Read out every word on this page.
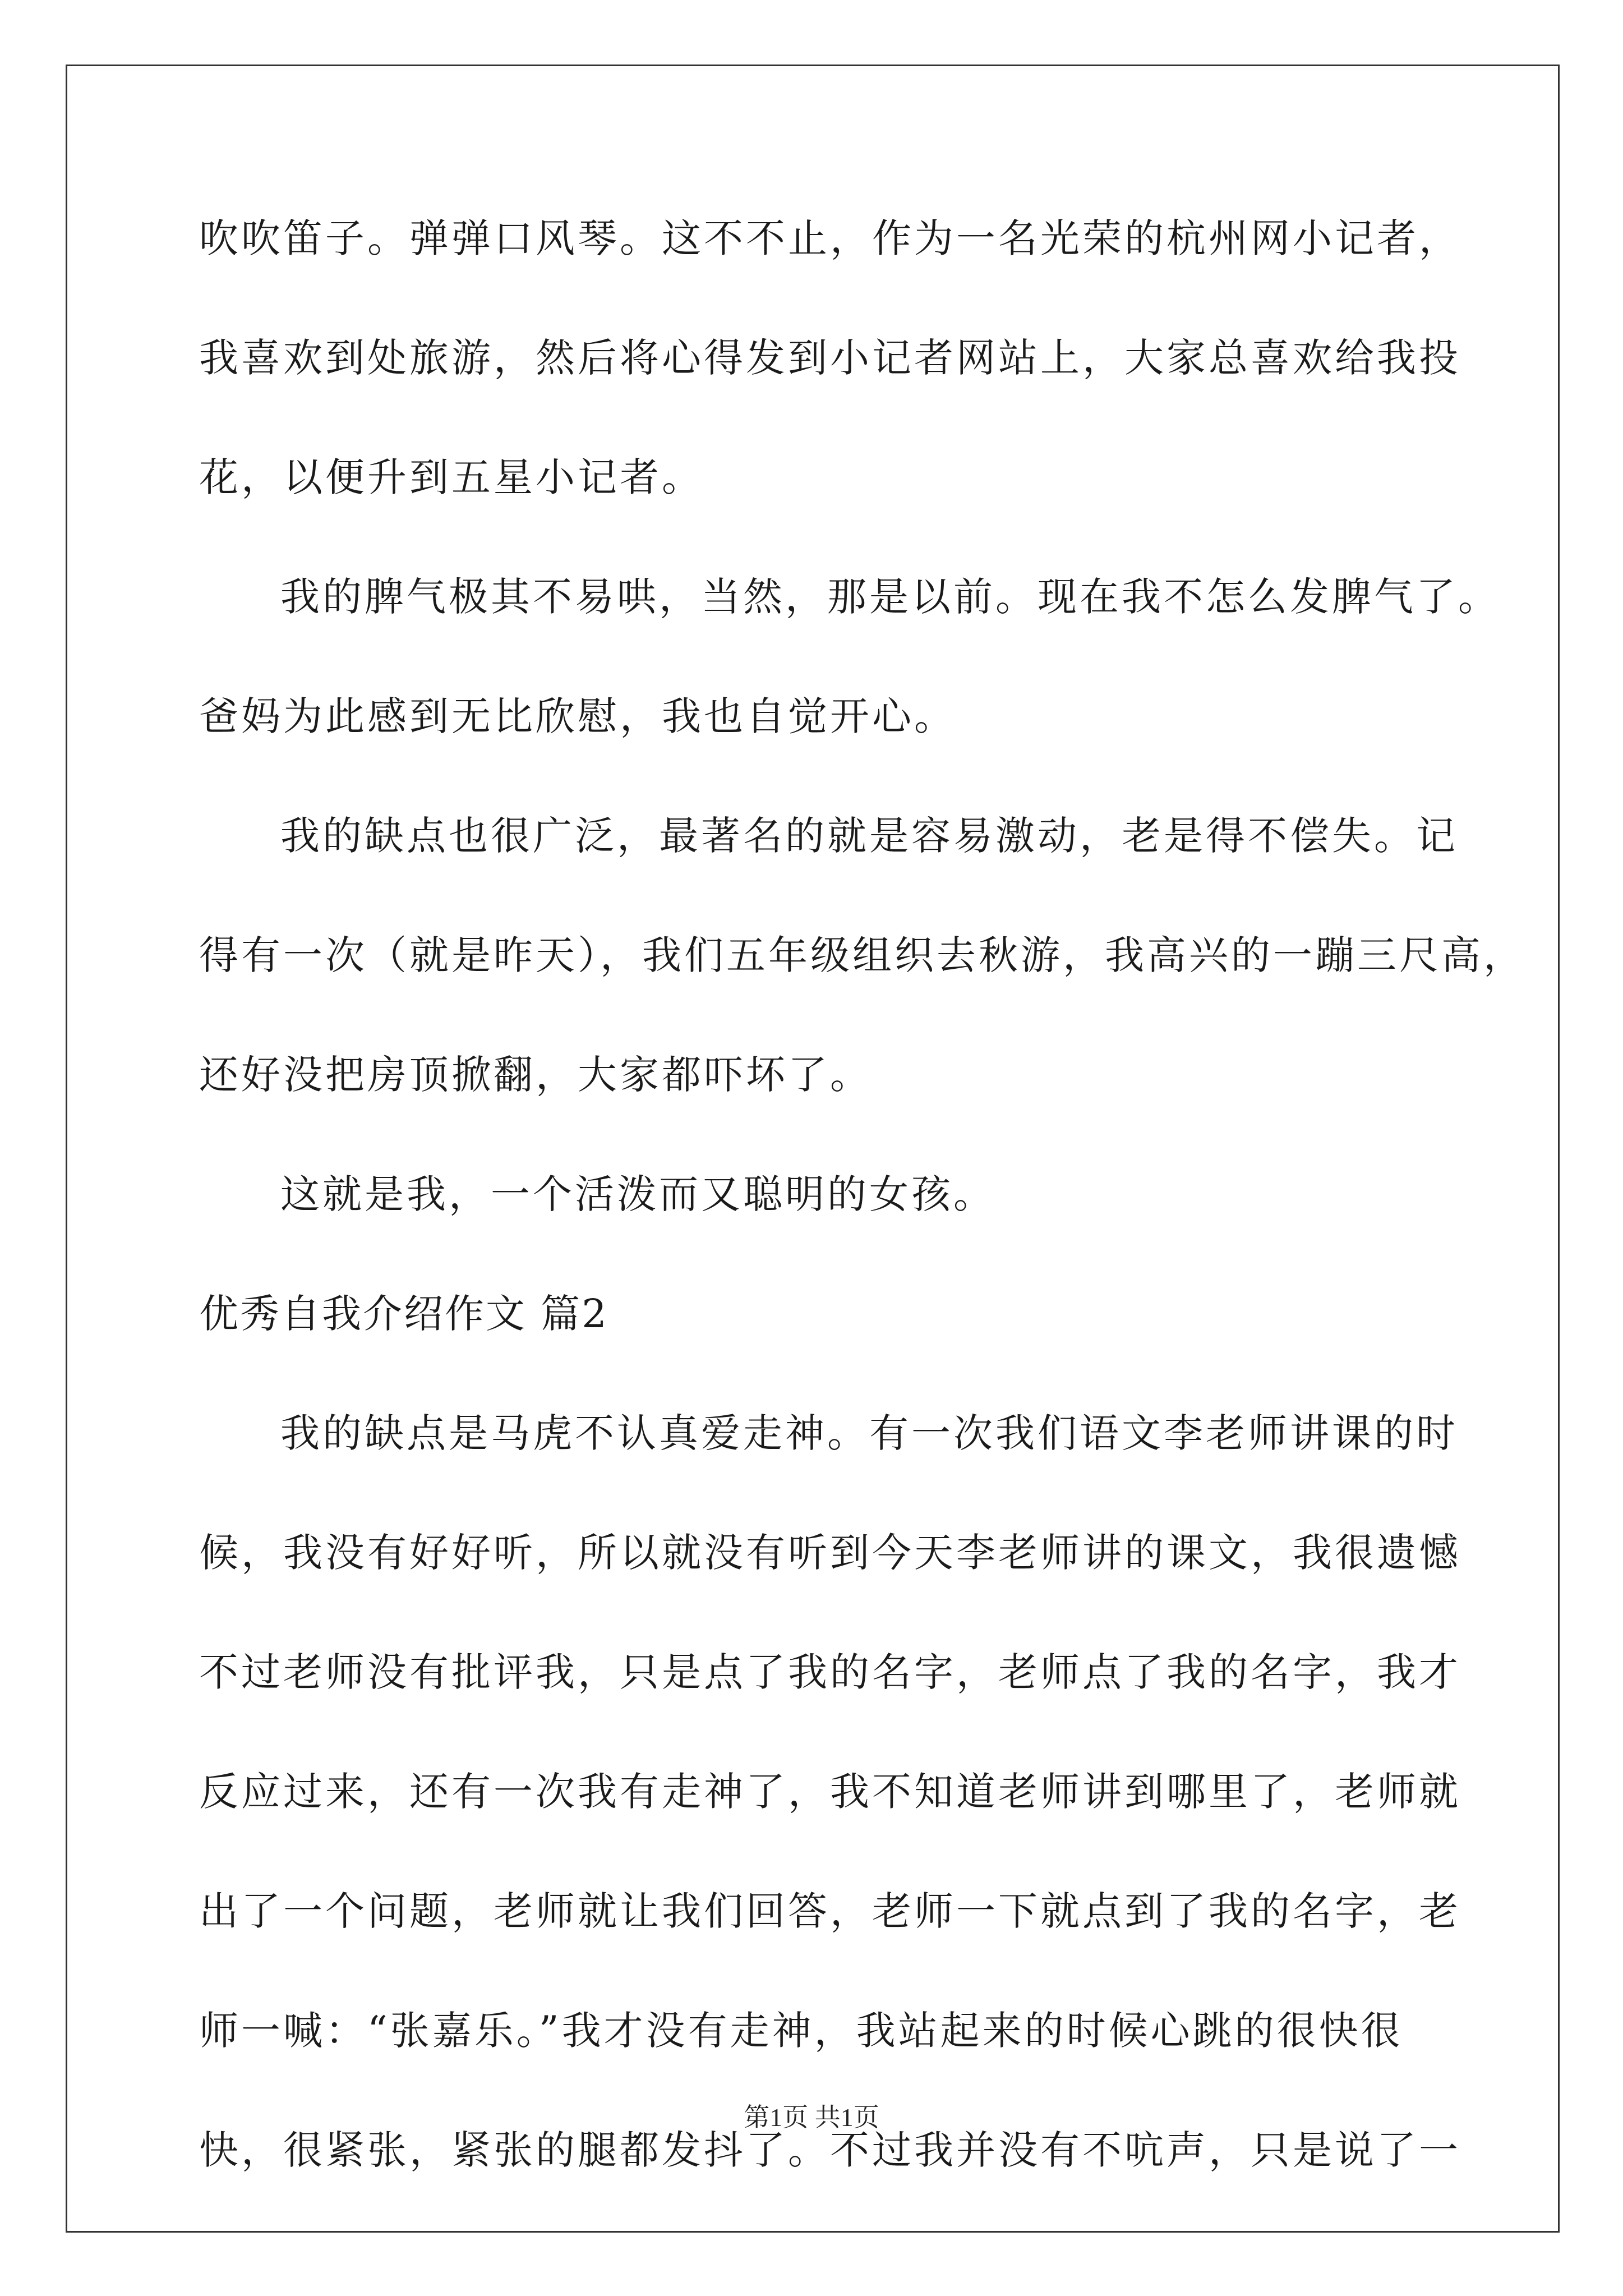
吹吹笛子。弹弹口风琴。这不不止，作为一名光荣的杭州网小记者，
我喜欢到处旅游，然后将心得发到小记者网站上，大家总喜欢给我投
花，以便升到五星小记者。
我的脾气极其不易哄，当然，那是以前。现在我不怎么发脾气了。
爸妈为此感到无比欣慰，我也自觉开心。
我的缺点也很广泛，最著名的就是容易激动，老是得不偿失。记
得有一次（就是昨天），我们五年级组织去秋游，我高兴的一蹦三尺高，
还好没把房顶掀翻，大家都吓坏了。
这就是我，一个活泼而又聪明的女孩。
优秀自我介绍作文 篇2
我的缺点是马虎不认真爱走神。有一次我们语文李老师讲课的时
候，我没有好好听，所以就没有听到今天李老师讲的课文，我很遗憾
不过老师没有批评我，只是点了我的名字，老师点了我的名字，我才
反应过来，还有一次我有走神了，我不知道老师讲到哪里了，老师就
出了一个问题，老师就让我们回答，老师一下就点到了我的名字，老
师一喊：“张嘉乐。”我才没有走神，我站起来的时候心跳的很快很
快，很紧张，紧张的腿都发抖了。不过我并没有不吭声，只是说了一
第1页 共1页
